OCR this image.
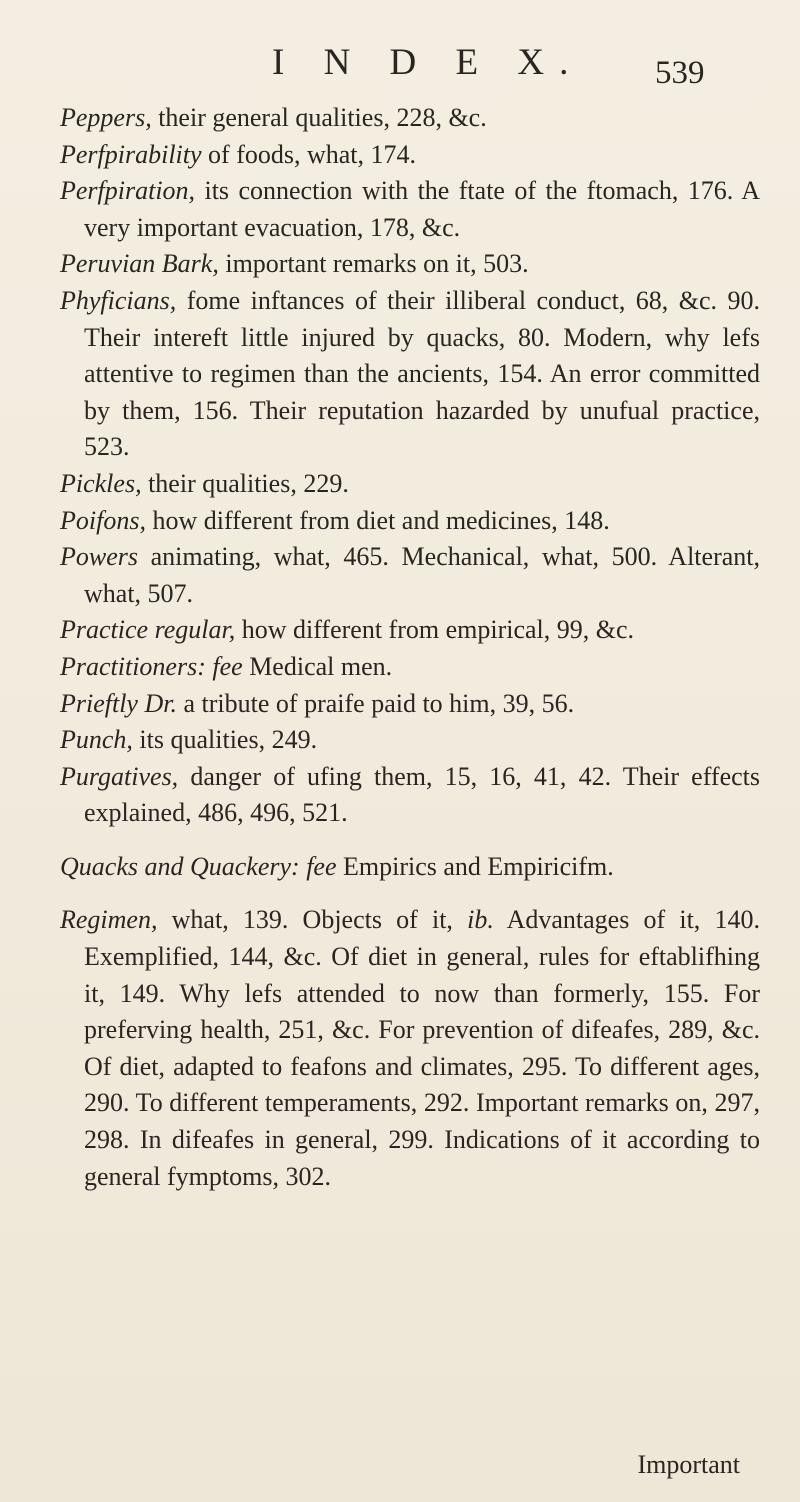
I N D E X. 539

Peppers, their general qualities, 228, &c.

Perfpirability of foods, what, 174.

Perfpiration, its connection with the ftate of the ftomach, 176. A very important evacuation, 178, &c.

Peruvian Bark, important remarks on it, 503.

Phyficians, fome inftances of their illiberal conduct, 68, &c. 90. Their intereft little injured by quacks, 80. Modern, why lefs attentive to regimen than the ancients, 154. An error committed by them, 156. Their reputation hazarded by unufual practice, 523.

Pickles, their qualities, 229.

Poifons, how different from diet and medicines, 148.

Powers animating, what, 465. Mechanical, what, 500. Alterant, what, 507.

Practice regular, how different from empirical, 99, &c.

Practitioners: fee Medical men.

Prieftly Dr. a tribute of praife paid to him, 39, 56.

Punch, its qualities, 249.

Purgatives, danger of ufing them, 15, 16, 41, 42. Their effects explained, 486, 496, 521.

Quacks and Quackery: fee Empirics and Empiricifm.

Regimen, what, 139. Objects of it, ib. Advantages of it, 140. Exemplified, 144, &c. Of diet in general, rules for eftablifhing it, 149. Why lefs attended to now than formerly, 155. For preferving health, 251, &c. For prevention of difeafes, 289, &c. Of diet, adapted to feafons and climates, 295. To different ages, 290. To different temperaments, 292. Important remarks on, 297, 298. In difeafes in general, 299. Indications of it according to general fymptoms, 302.

Important
